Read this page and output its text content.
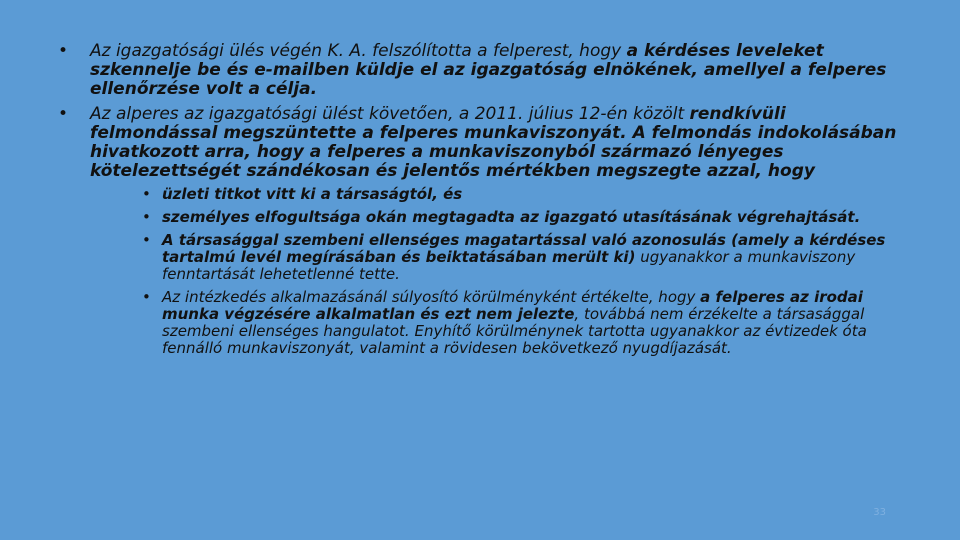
• Az igazgatósági ülés végén K. A. felszólította a felperest, hogy a kérdéses leveleket szkennelje be és e-mailben küldje el az igazgatóság elnökének, amellyel a felperes ellenőrzése volt a célja.
• Az alperes az igazgatósági ülést követően, a 2011. július 12-én közölt rendkívüli felmondással megszüntette a felperes munkaviszonyát. A felmondás indokolásában hivatkozott arra, hogy a felperes a munkaviszonyból származó lényeges kötelezettségét szándékosan és jelentős mértékben megszegte azzal, hogy
• üzleti titkot vitt ki a társaságtól, és
• személyes elfogultsága okán megtagadta az igazgató utasításának végrehajtását.
• A társasággal szembeni ellenséges magatartással való azonosulás (amely a kérdéses tartalmú levél megírásában és beiktatásában merült ki) ugyanakkor a munkaviszony fenntartását lehetetlenné tette.
• Az intézkedés alkalmazásánál súlyosító körülményként értékelte, hogy a felperes az irodai munka végzésére alkalmatlan és ezt nem jelezte, továbbá nem érzékelte a társasággal szembeni ellenséges hangulatot. Enyhítő körülménynek tartotta ugyanakkor az évtizedek óta fennálló munkaviszonyát, valamint a rövidesen bekövetkező nyugdíjazását.
33
